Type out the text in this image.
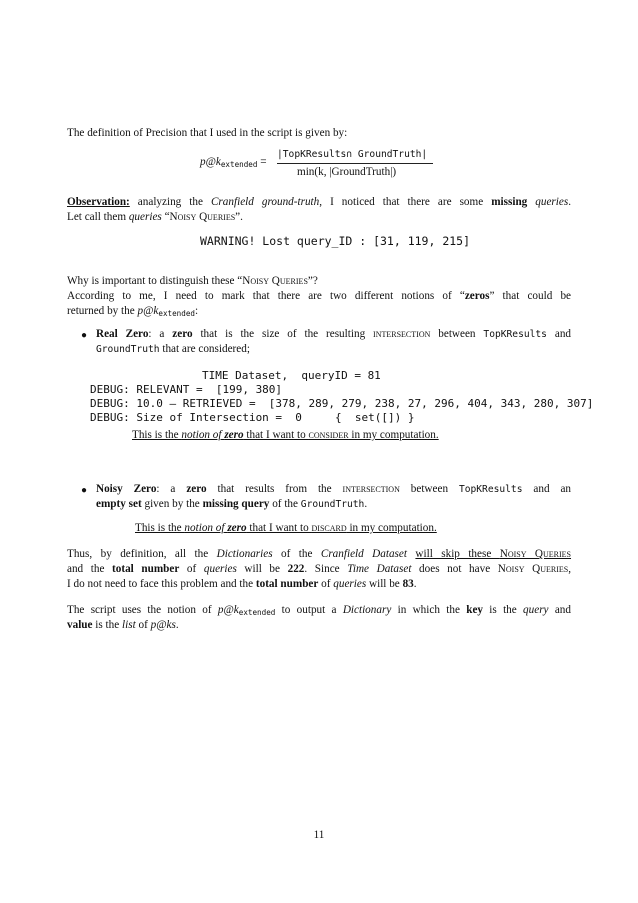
The definition of Precision that I used in the script is given by:
p@kextended =
|TopKResults∩ GroundTruth|
min(k, |GroundTruth|)
Observation: analyzing the Cranfield ground-truth, I noticed that there are some missing queries.
Let call them queries “Noisy Queries”.
WARNING! Lost query_ID : [31, 119, 215]
Why is important to distinguish these “Noisy Queries”?
According to me, I need to mark that there are two different notions of “zeros” that could be
returned by the p@kextended:
● Real Zero: a zero that is the size of the resulting intersection between TopKResults and
GroundTruth that are considered;
TIME Dataset,  queryID = 81
DEBUG: RELEVANT =  [199, 380]
DEBUG: 10.0 – RETRIEVED =  [378, 289, 279, 238, 27, 296, 404, 343, 280, 307]
DEBUG: Size of Intersection =  0     {  set([]) }
This is the notion of zero that I want to consider in my computation.
● Noisy Zero: a zero that results from the intersection between TopKResults and an
empty set given by the missing query of the GroundTruth.
This is the notion of zero that I want to discard in my computation.
Thus, by definition, all the Dictionaries of the Cranfield Dataset will skip these Noisy Queries
and the total number of queries will be 222. Since Time Dataset does not have Noisy Queries,
I do not need to face this problem and the total number of queries will be 83.
The script uses the notion of p@kextended to output a Dictionary in which the key is the query and
value is the list of p@ks.
11
